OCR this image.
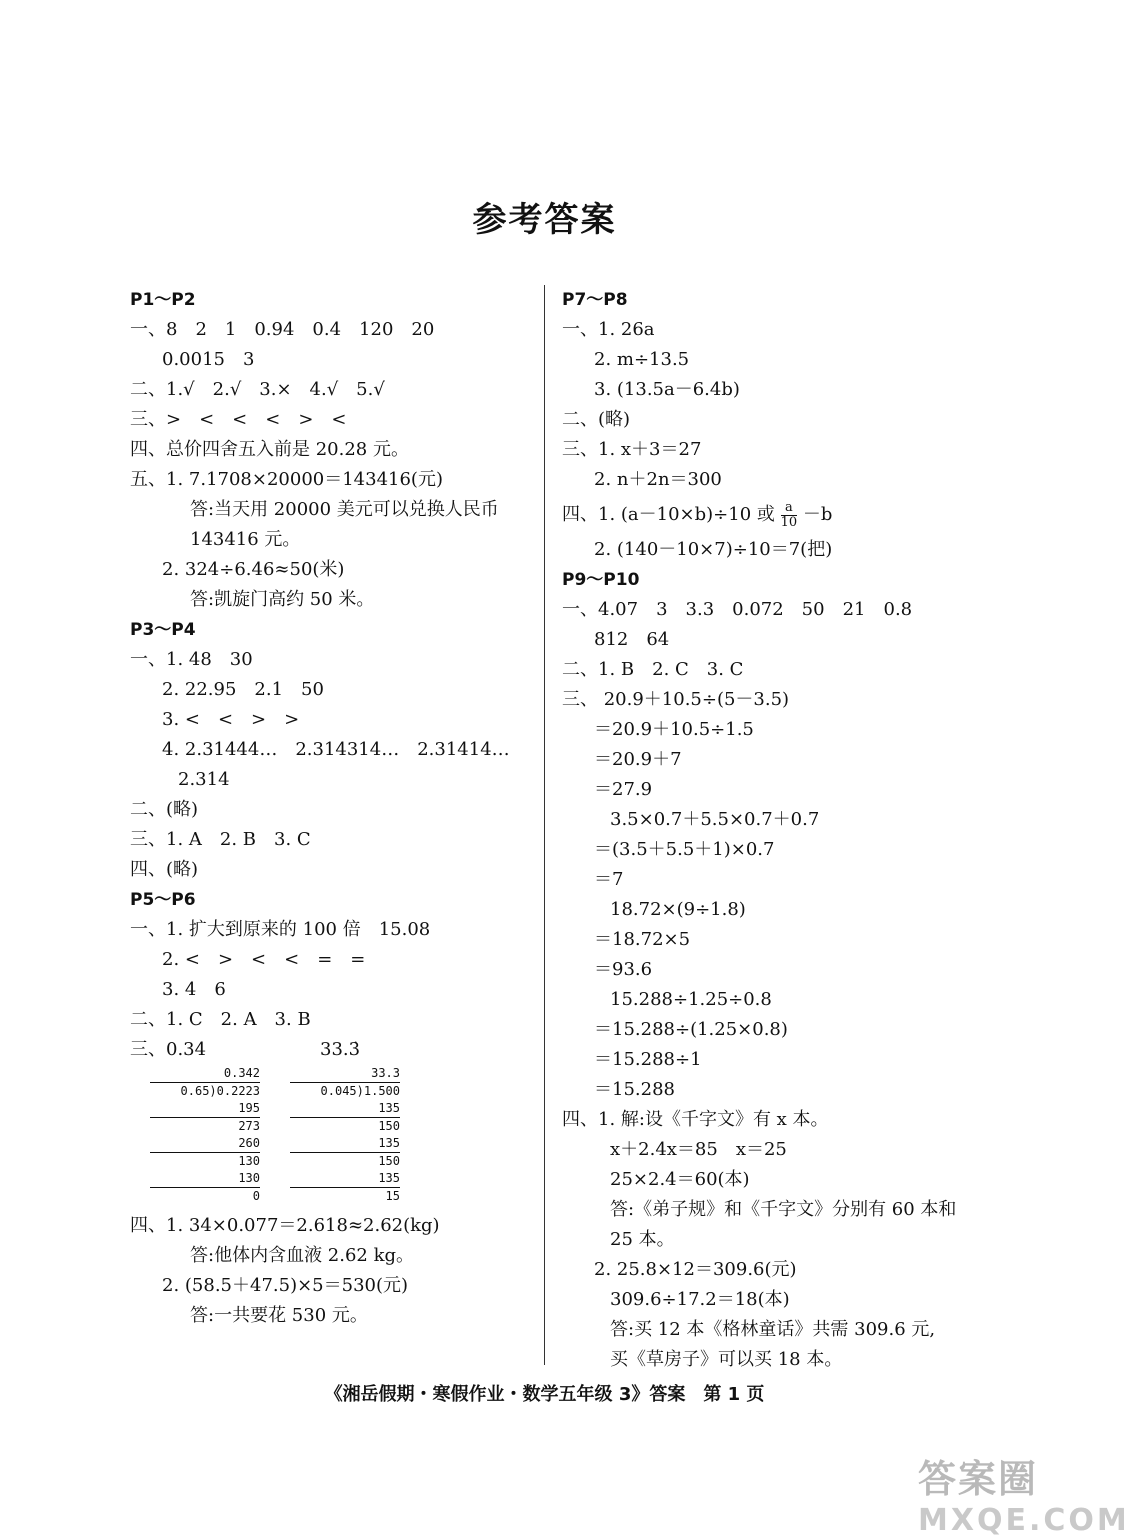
参考答案
P1～P2
一、8　2　1　0.94　0.4　120　20
0.0015　3
二、1.√　2.√　3.×　4.√　5.√
三、>　<　<　<　>　<
四、总价四舍五入前是 20.28 元。
五、1. 7.1708×20000＝143416(元)
答:当天用 20000 美元可以兑换人民币
143416 元。
2. 324÷6.46≈50(米)
答:凯旋门高约 50 米。
P3～P4
一、1. 48　30
2. 22.95　2.1　50
3. <　<　>　>
4. 2.31444…　2.314314…　2.31414…
2.314
二、(略)
三、1. A　2. B　3. C
四、(略)
P5～P6
一、1. 扩大到原来的 100 倍　15.08
2. <　>　<　<　=　=
3. 4　6
二、1. C　2. A　3. B
三、0.34	33.3̇
0.342
0.65)0.2223
195
273
260
130
130
0
33.3
0.045)1.500
135
150
135
150
135
15
四、1. 34×0.077＝2.618≈2.62(kg)
答:他体内含血液 2.62 kg。
2. (58.5＋47.5)×5＝530(元)
答:一共要花 530 元。
P7～P8
一、1. 26a
2. m÷13.5
3. (13.5a－6.4b)
二、(略)
三、1. x＋3＝27
2. n＋2n＝300
四、1. (a－10×b)÷10 或 $\frac{a}{10} -b$
2. (140－10×7)÷10＝7(把)
P9～P10
一、4.07　3　3.3　0.072　50　21　0.8
812　64
二、1. B　2. C　3. C
三、 20.9＋10.5÷(5－3.5)
＝20.9＋10.5÷1.5
＝20.9＋7
＝27.9
3.5×0.7＋5.5×0.7＋0.7
＝(3.5＋5.5＋1)×0.7
＝7
18.72×(9÷1.8)
＝18.72×5
＝93.6
15.288÷1.25÷0.8
＝15.288÷(1.25×0.8)
＝15.288÷1
＝15.288
四、1. 解:设《千字文》有 x 本。
x＋2.4x＝85　x＝25
25×2.4＝60(本)
答:《弟子规》和《千字文》分别有 60 本和
25 本。
2. 25.8×12＝309.6(元)
309.6÷17.2＝18(本)
答:买 12 本《格林童话》共需 309.6 元,
买《草房子》可以买 18 本。
《湘岳假期・寒假作业・数学五年级 3》答案　第 1 页
答案圈
MXQE.COM
